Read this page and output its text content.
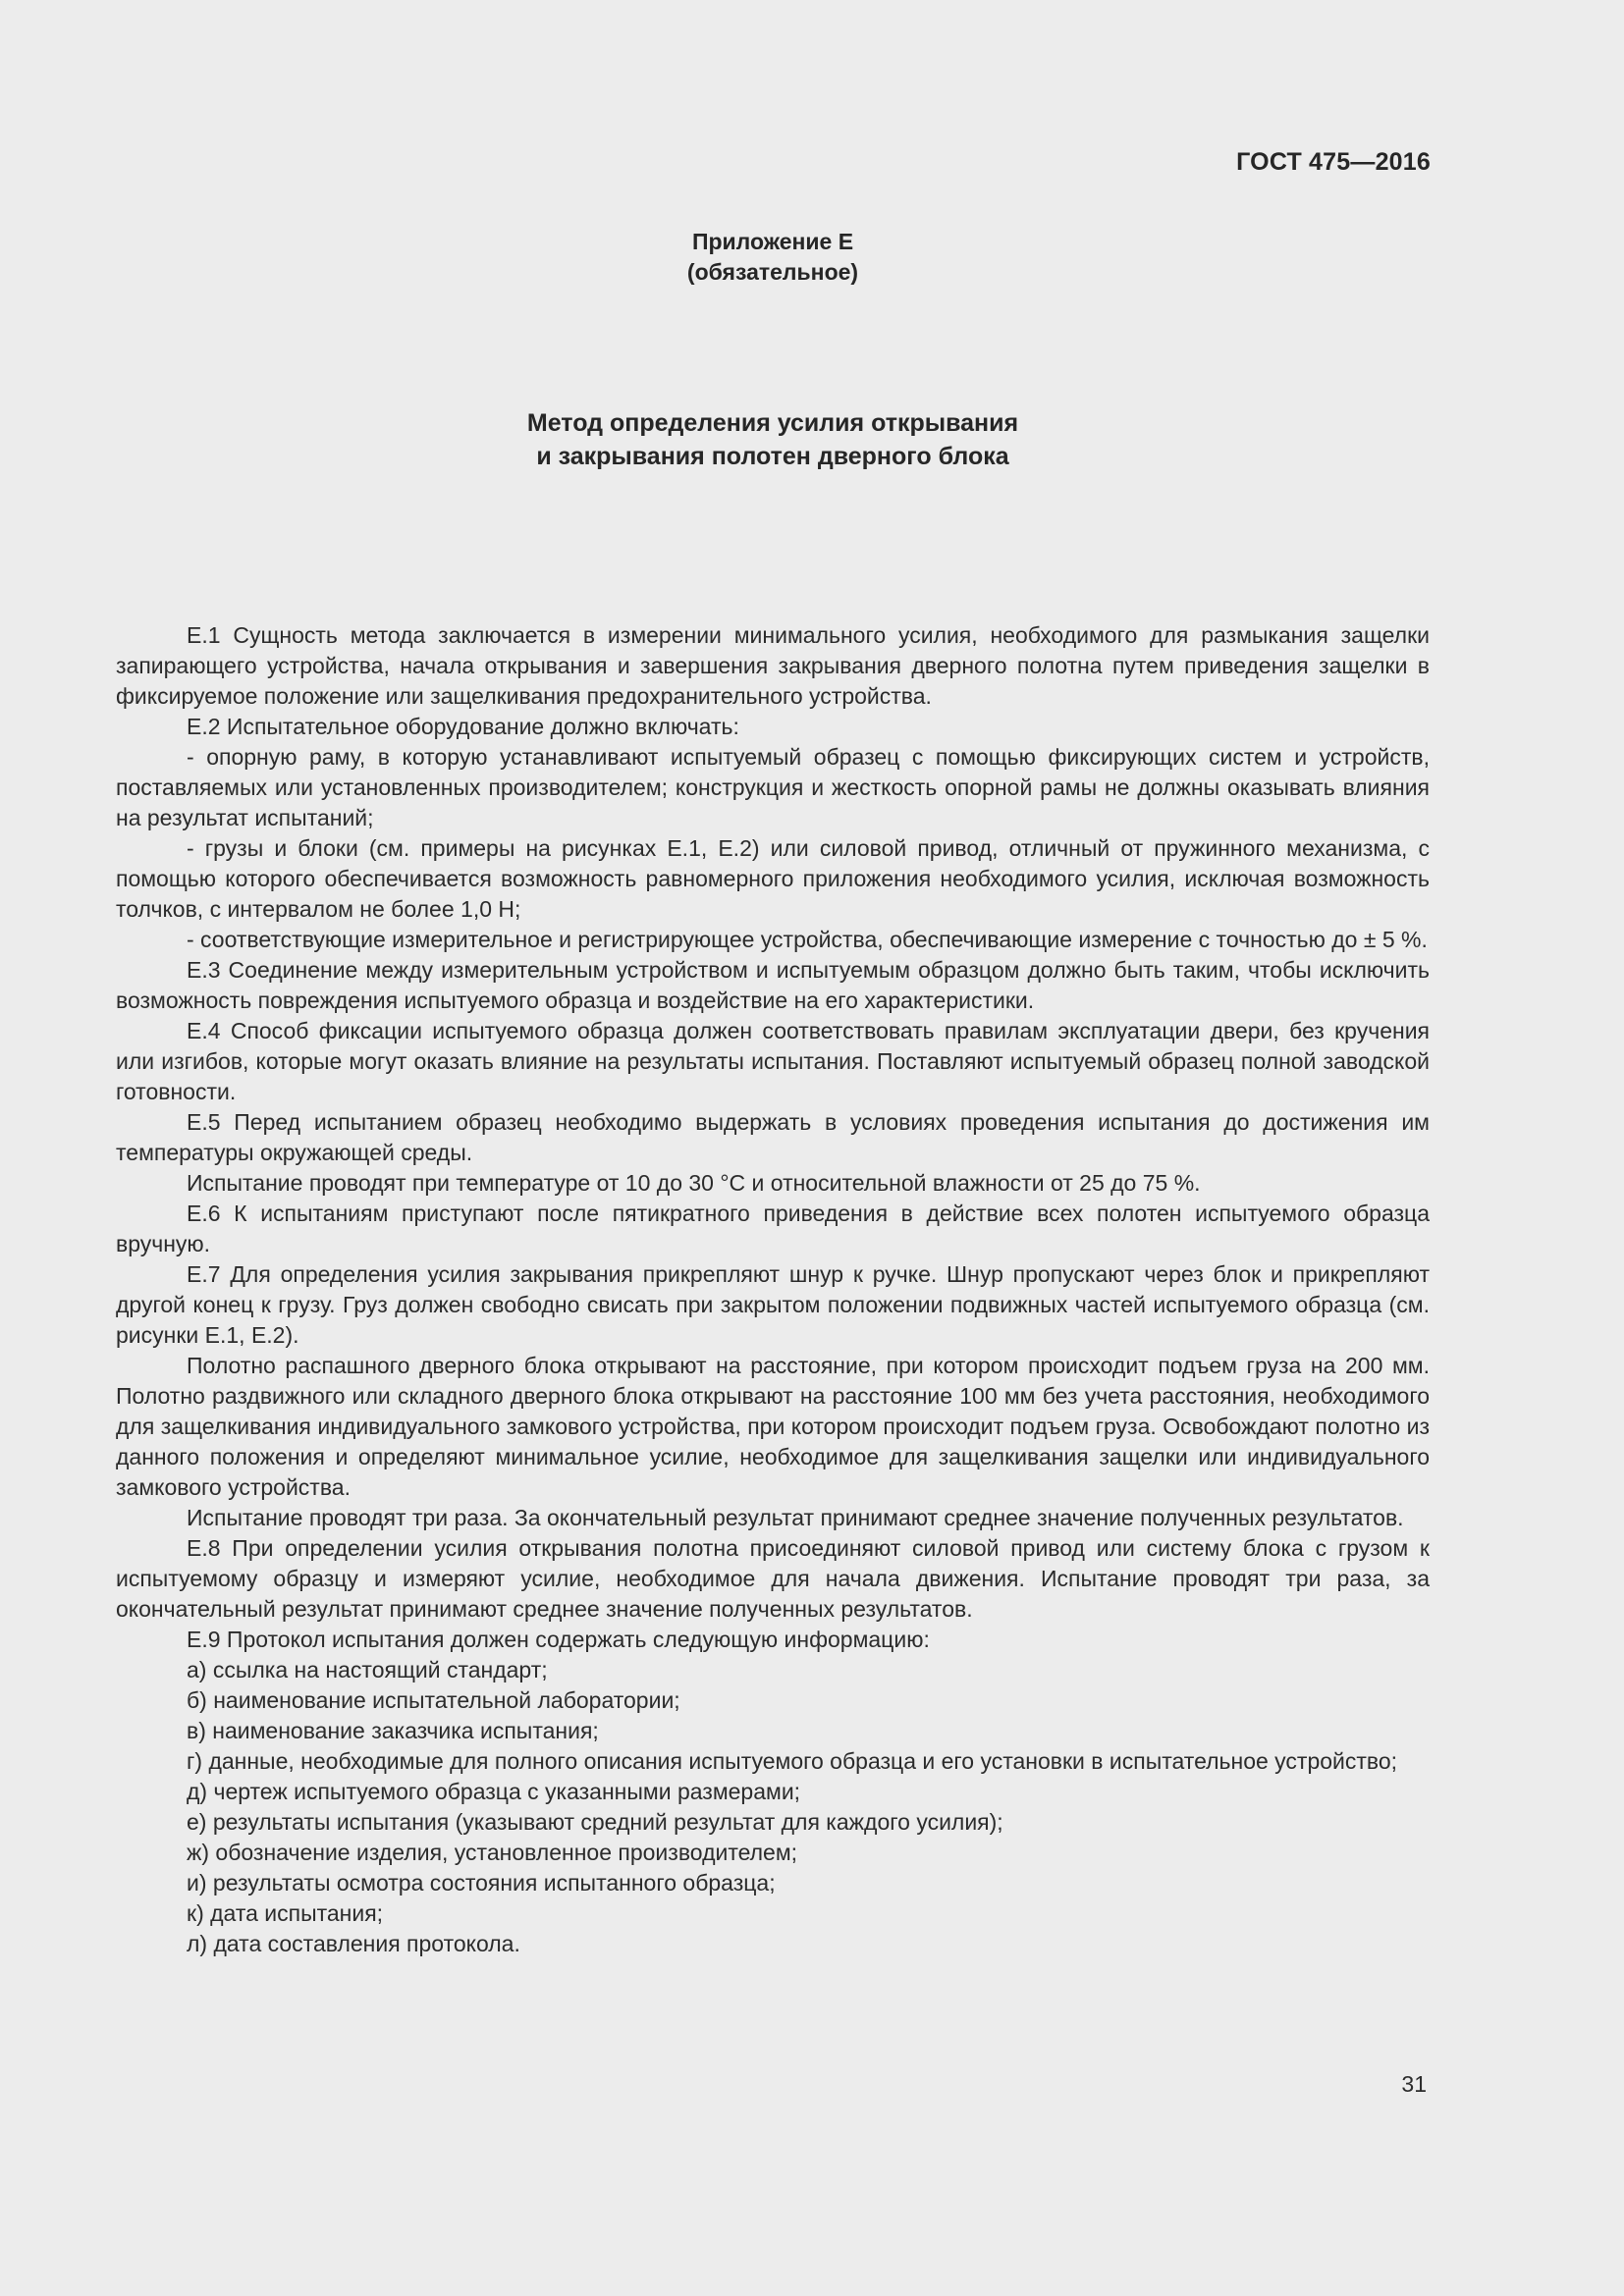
ГОСТ 475—2016
Приложение Е
(обязательное)
Метод определения усилия открывания
и закрывания полотен дверного блока

Е.1 Сущность метода заключается в измерении минимального усилия, необходимого для размыкания защелки запирающего устройства, начала открывания и завершения закрывания дверного полотна путем приведения защелки в фиксируемое положение или защелкивания предохранительного устройства.

Е.2 Испытательное оборудование должно включать:

- опорную раму, в которую устанавливают испытуемый образец с помощью фиксирующих систем и устройств, поставляемых или установленных производителем; конструкция и жесткость опорной рамы не должны оказывать влияния на результат испытаний;

- грузы и блоки (см. примеры на рисунках Е.1, Е.2) или силовой привод, отличный от пружинного механизма, с помощью которого обеспечивается возможность равномерного приложения необходимого усилия, исключая возможность толчков, с интервалом не более 1,0 Н;

- соответствующие измерительное и регистрирующее устройства, обеспечивающие измерение с точностью до ± 5 %.

Е.3 Соединение между измерительным устройством и испытуемым образцом должно быть таким, чтобы исключить возможность повреждения испытуемого образца и воздействие на его характеристики.

Е.4 Способ фиксации испытуемого образца должен соответствовать правилам эксплуатации двери, без кручения или изгибов, которые могут оказать влияние на результаты испытания. Поставляют испытуемый образец полной заводской готовности.

Е.5 Перед испытанием образец необходимо выдержать в условиях проведения испытания до достижения им температуры окружающей среды.

Испытание проводят при температуре от 10 до 30 °С и относительной влажности от 25 до 75 %.

Е.6 К испытаниям приступают после пятикратного приведения в действие всех полотен испытуемого образца вручную.

Е.7 Для определения усилия закрывания прикрепляют шнур к ручке. Шнур пропускают через блок и прикрепляют другой конец к грузу. Груз должен свободно свисать при закрытом положении подвижных частей испытуемого образца (см. рисунки Е.1, Е.2).

Полотно распашного дверного блока открывают на расстояние, при котором происходит подъем груза на 200 мм. Полотно раздвижного или складного дверного блока открывают на расстояние 100 мм без учета расстояния, необходимого для защелкивания индивидуального замкового устройства, при котором происходит подъем груза. Освобождают полотно из данного положения и определяют минимальное усилие, необходимое для защелкивания защелки или индивидуального замкового устройства.

Испытание проводят три раза. За окончательный результат принимают среднее значение полученных результатов.

Е.8 При определении усилия открывания полотна присоединяют силовой привод или систему блока с грузом к испытуемому образцу и измеряют усилие, необходимое для начала движения. Испытание проводят три раза, за окончательный результат принимают среднее значение полученных результатов.

Е.9 Протокол испытания должен содержать следующую информацию:

а) ссылка на настоящий стандарт;

б) наименование испытательной лаборатории;

в) наименование заказчика испытания;

г) данные, необходимые для полного описания испытуемого образца и его установки в испытательное устройство;

д) чертеж испытуемого образца с указанными размерами;

е) результаты испытания (указывают средний результат для каждого усилия);

ж) обозначение изделия, установленное производителем;

и) результаты осмотра состояния испытанного образца;

к) дата испытания;

л) дата составления протокола.

31
